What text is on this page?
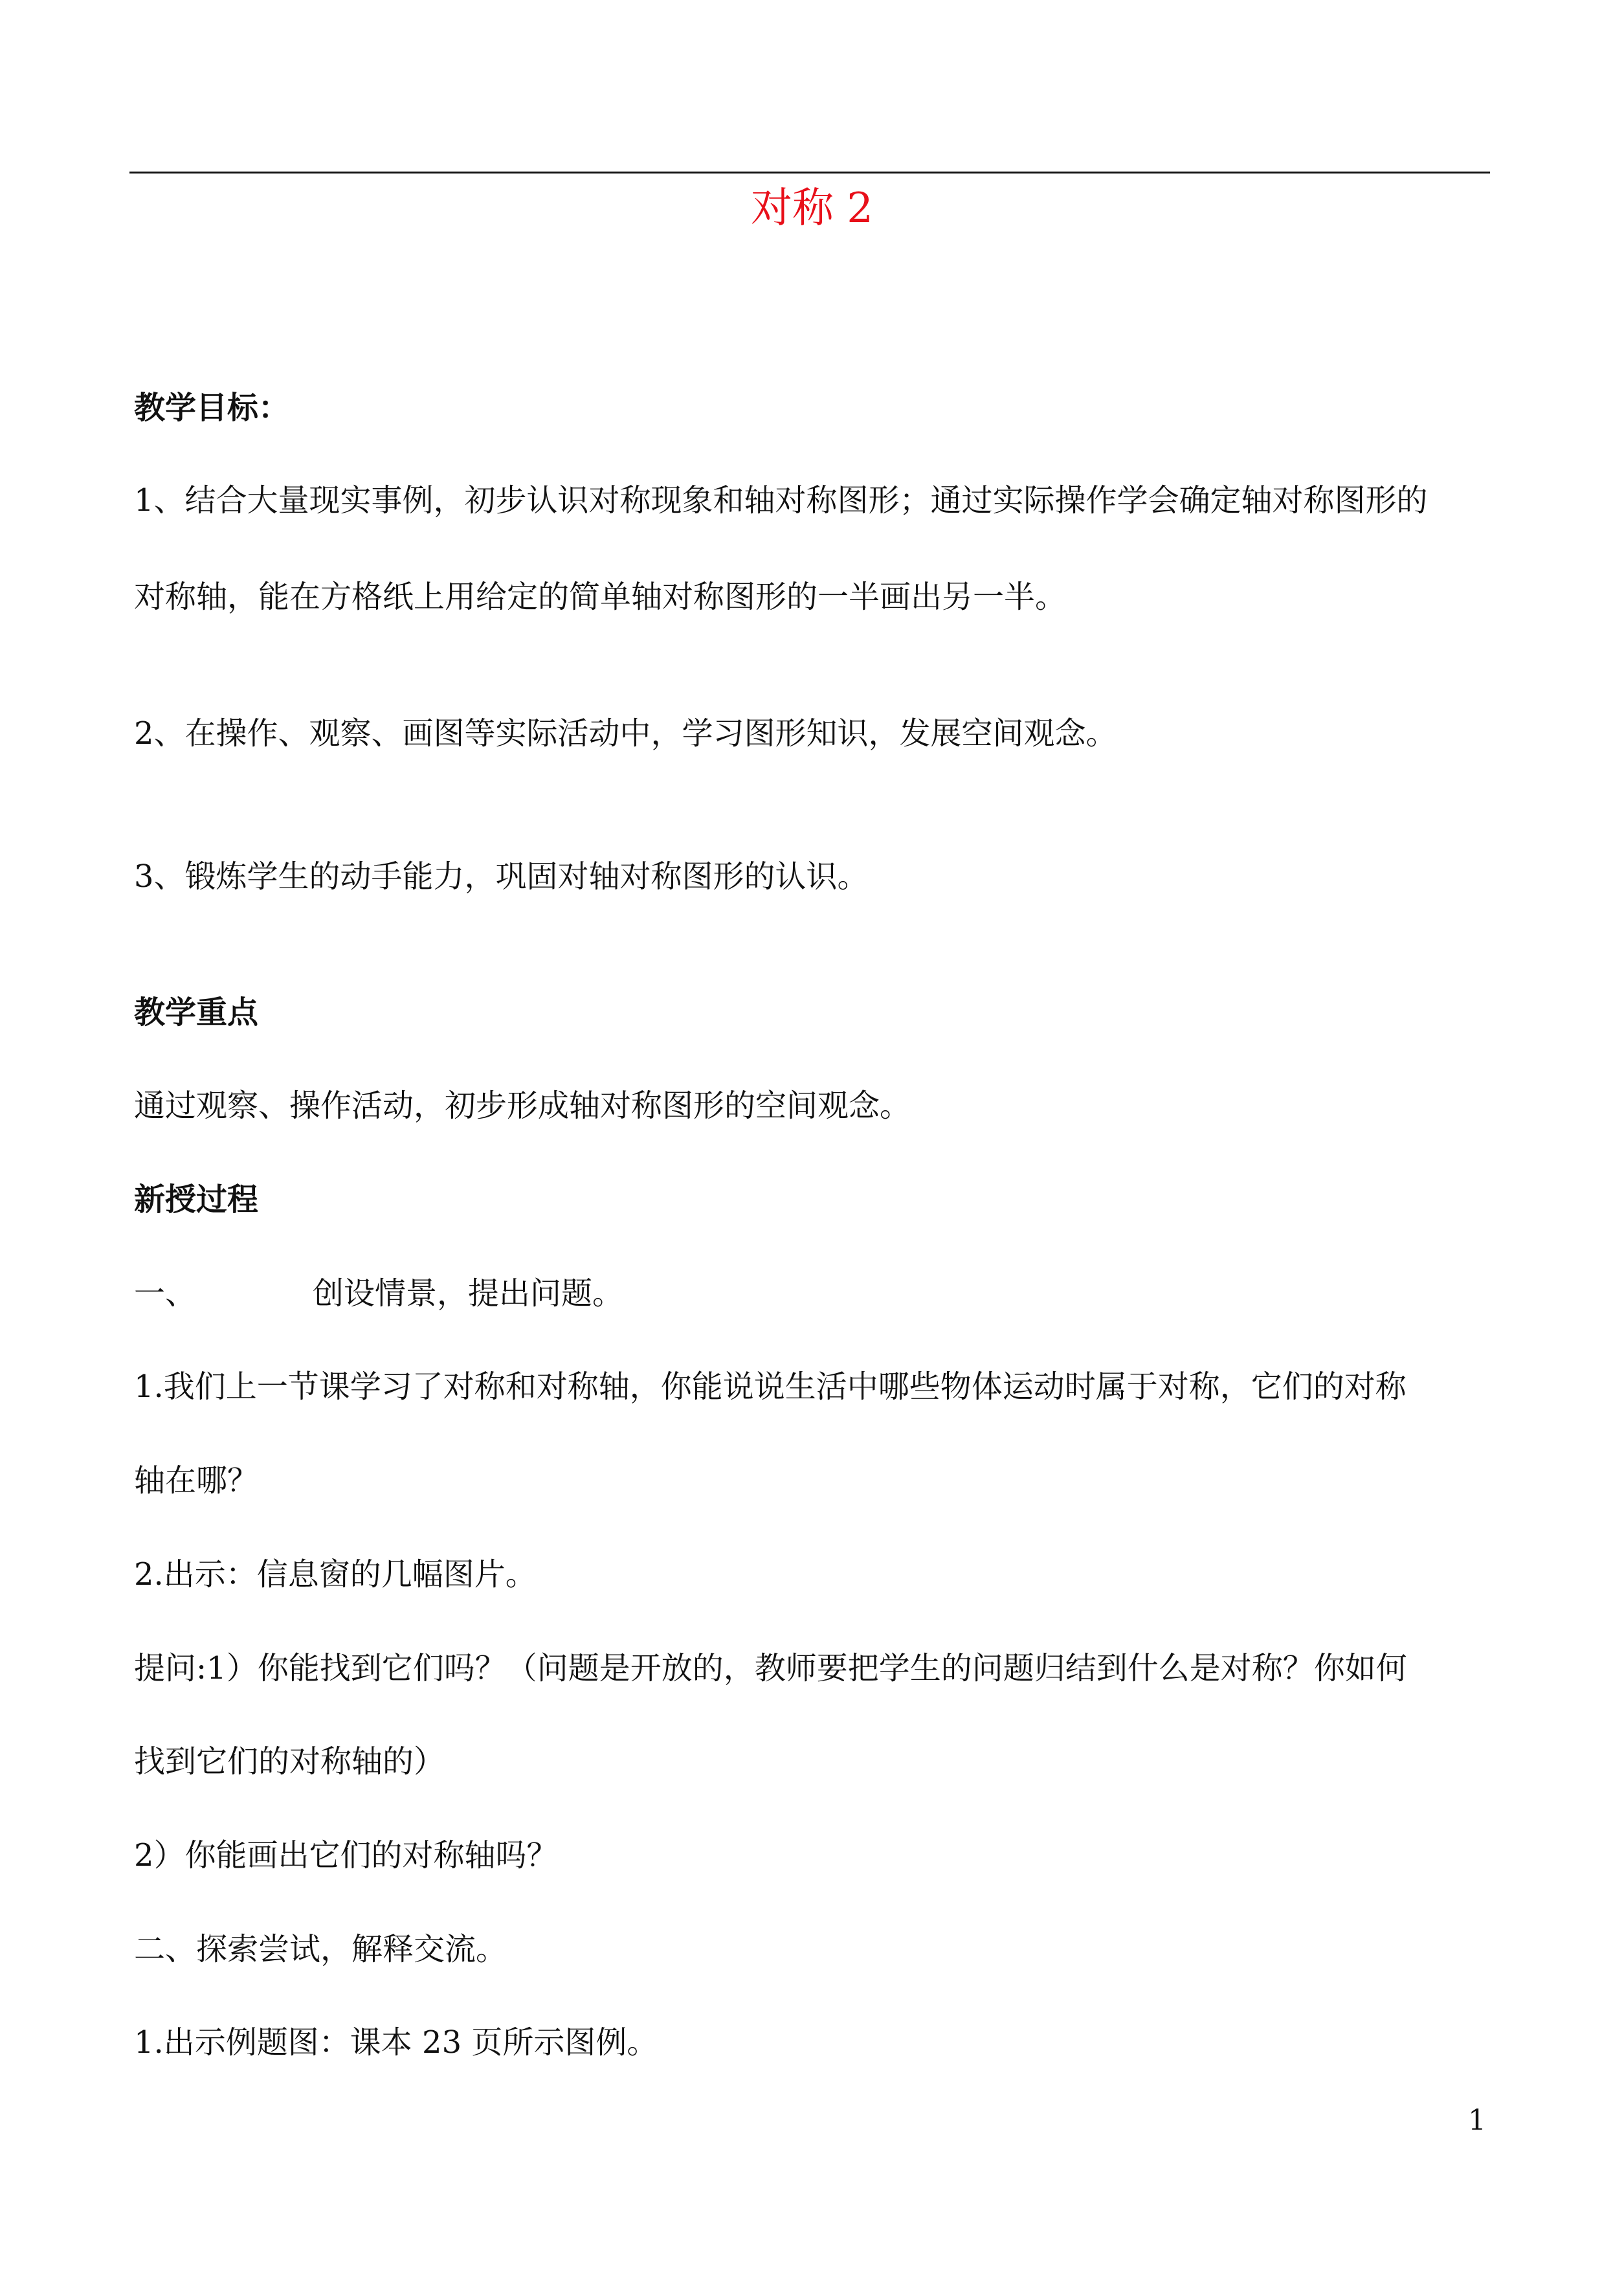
对称 2
教学目标：
1、结合大量现实事例，初步认识对称现象和轴对称图形；通过实际操作学会确定轴对称图形的
对称轴，能在方格纸上用给定的简单轴对称图形的一半画出另一半。
2、在操作、观察、画图等实际活动中，学习图形知识，发展空间观念。
3、锻炼学生的动手能力，巩固对轴对称图形的认识。
教学重点
通过观察、操作活动，初步形成轴对称图形的空间观念。
新授过程
一、	创设情景，提出问题。
1.我们上一节课学习了对称和对称轴，你能说说生活中哪些物体运动时属于对称，它们的对称
轴在哪？
2.出示：信息窗的几幅图片。
提问:1）你能找到它们吗？（问题是开放的，教师要把学生的问题归结到什么是对称？你如何
找到它们的对称轴的）
2）你能画出它们的对称轴吗？
二、探索尝试，解释交流。
1.出示例题图：课本 23 页所示图例。
1
